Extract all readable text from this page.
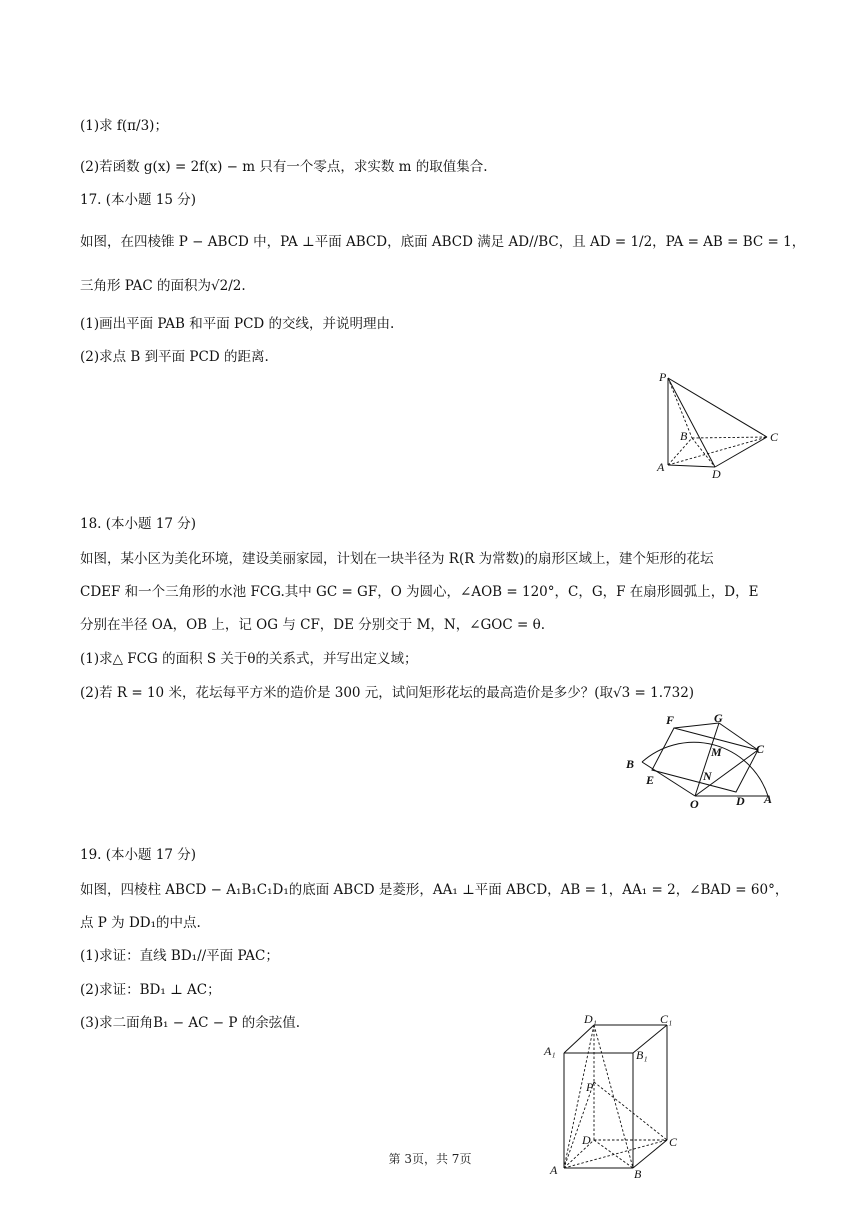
(1)求 f(π/3)；
(2)若函数 g(x) = 2f(x) − m 只有一个零点，求实数 m 的取值集合.
17. (本小题 15 分)
如图，在四棱锥 P − ABCD 中，PA ⊥平面 ABCD，底面 ABCD 满足 AD//BC，且 AD = 1/2，PA = AB = BC = 1，
三角形 PAC 的面积为√2/2.
(1)画出平面 PAB 和平面 PCD 的交线，并说明理由.
(2)求点 B 到平面 PCD 的距离.
18. (本小题 17 分)
如图，某小区为美化环境，建设美丽家园，计划在一块半径为 R(R 为常数)的扇形区域上，建个矩形的花坛
CDEF 和一个三角形的水池 FCG.其中 GC = GF，O 为圆心，∠AOB = 120°，C，G，F 在扇形圆弧上，D，E
分别在半径 OA，OB 上，记 OG 与 CF，DE 分别交于 M，N，∠GOC = θ.
(1)求△ FCG 的面积 S 关于θ的关系式，并写出定义域；
(2)若 R = 10 米，花坛每平方米的造价是 300 元，试问矩形花坛的最高造价是多少？(取√3 = 1.732)
19. (本小题 17 分)
如图，四棱柱 ABCD − A₁B₁C₁D₁的底面 ABCD 是菱形，AA₁ ⊥平面 ABCD，AB = 1，AA₁ = 2，∠BAD = 60°，
点 P 为 DD₁的中点.
(1)求证：直线 BD₁//平面 PAC；
(2)求证：BD₁ ⊥ AC；
(3)求二面角B₁ − AC − P 的余弦值.
P
B	C
A	D
F	G
M	C
B
E	N
O	D A
D₁	C₁
A₁	B₁
P
D	C
A	B
第 3页，共 7页
